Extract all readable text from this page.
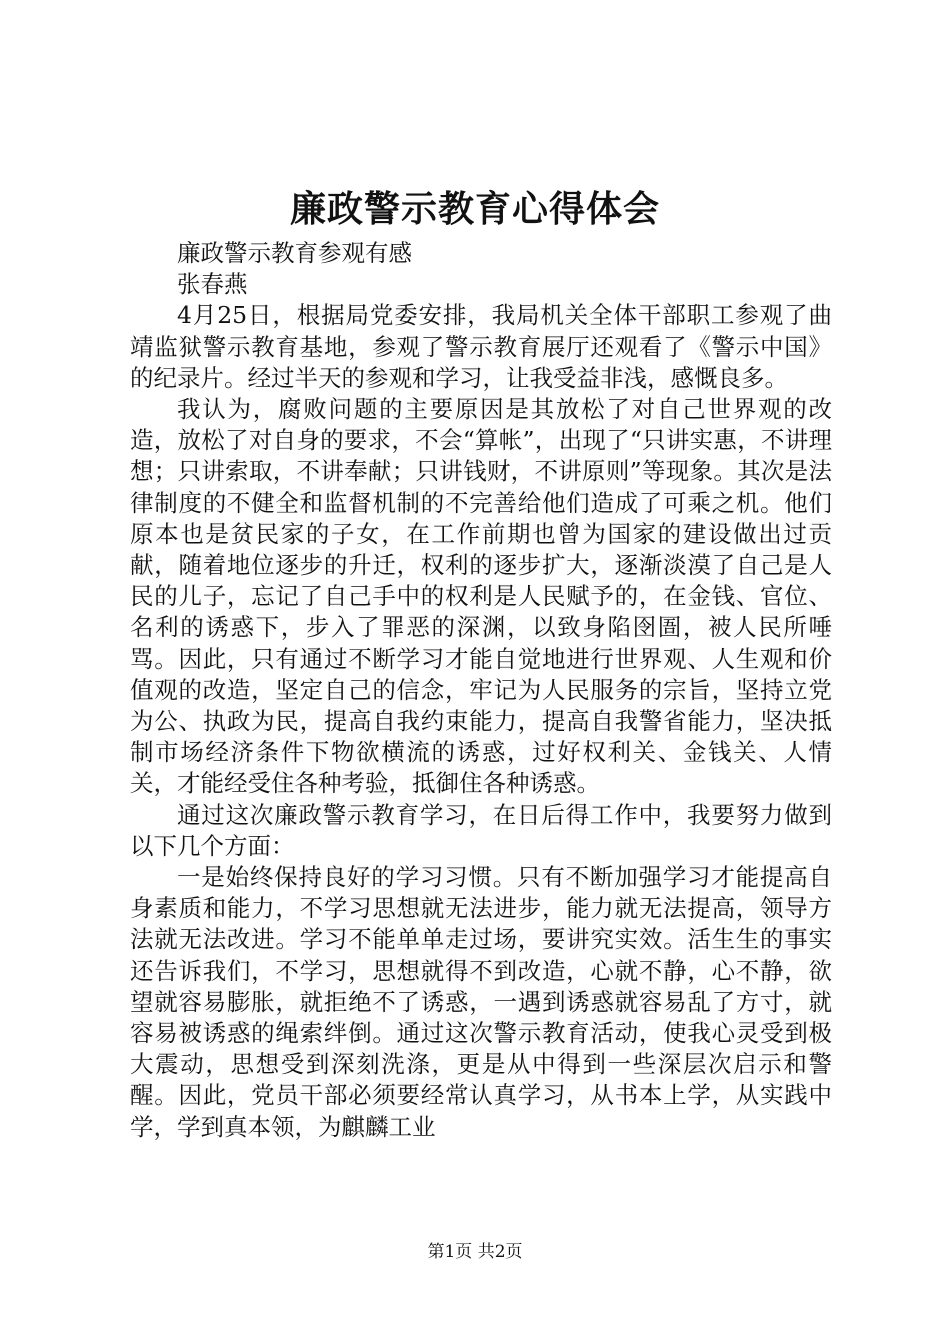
廉政警示教育心得体会

廉政警示教育参观有感

张春燕

4月25日，根据局党委安排，我局机关全体干部职工参观了曲靖监狱警示教育基地，参观了警示教育展厅还观看了《警示中国》的纪录片。经过半天的参观和学习，让我受益非浅，感慨良多。

我认为，腐败问题的主要原因是其放松了对自己世界观的改造，放松了对自身的要求，不会“算帐”，出现了“只讲实惠，不讲理想；只讲索取，不讲奉献；只讲钱财，不讲原则”等现象。其次是法律制度的不健全和监督机制的不完善给他们造成了可乘之机。他们原本也是贫民家的子女，在工作前期也曾为国家的建设做出过贡献，随着地位逐步的升迁，权利的逐步扩大，逐渐淡漠了自己是人民的儿子，忘记了自己手中的权利是人民赋予的，在金钱、官位、名利的诱惑下，步入了罪恶的深渊，以致身陷囹圄，被人民所唾骂。因此，只有通过不断学习才能自觉地进行世界观、人生观和价值观的改造，坚定自己的信念，牢记为人民服务的宗旨，坚持立党为公、执政为民，提高自我约束能力，提高自我警省能力，坚决抵制市场经济条件下物欲横流的诱惑，过好权利关、金钱关、人情关，才能经受住各种考验，抵御住各种诱惑。

通过这次廉政警示教育学习，在日后得工作中，我要努力做到以下几个方面：

一是始终保持良好的学习习惯。只有不断加强学习才能提高自身素质和能力，不学习思想就无法进步，能力就无法提高，领导方法就无法改进。学习不能单单走过场，要讲究实效。活生生的事实还告诉我们，不学习，思想就得不到改造，心就不静，心不静，欲望就容易膨胀，就拒绝不了诱惑，一遇到诱惑就容易乱了方寸，就容易被诱惑的绳索绊倒。通过这次警示教育活动，使我心灵受到极大震动，思想受到深刻洗涤，更是从中得到一些深层次启示和警醒。因此，党员干部必须要经常认真学习，从书本上学，从实践中学，学到真本领，为麒麟工业

第1页 共2页
